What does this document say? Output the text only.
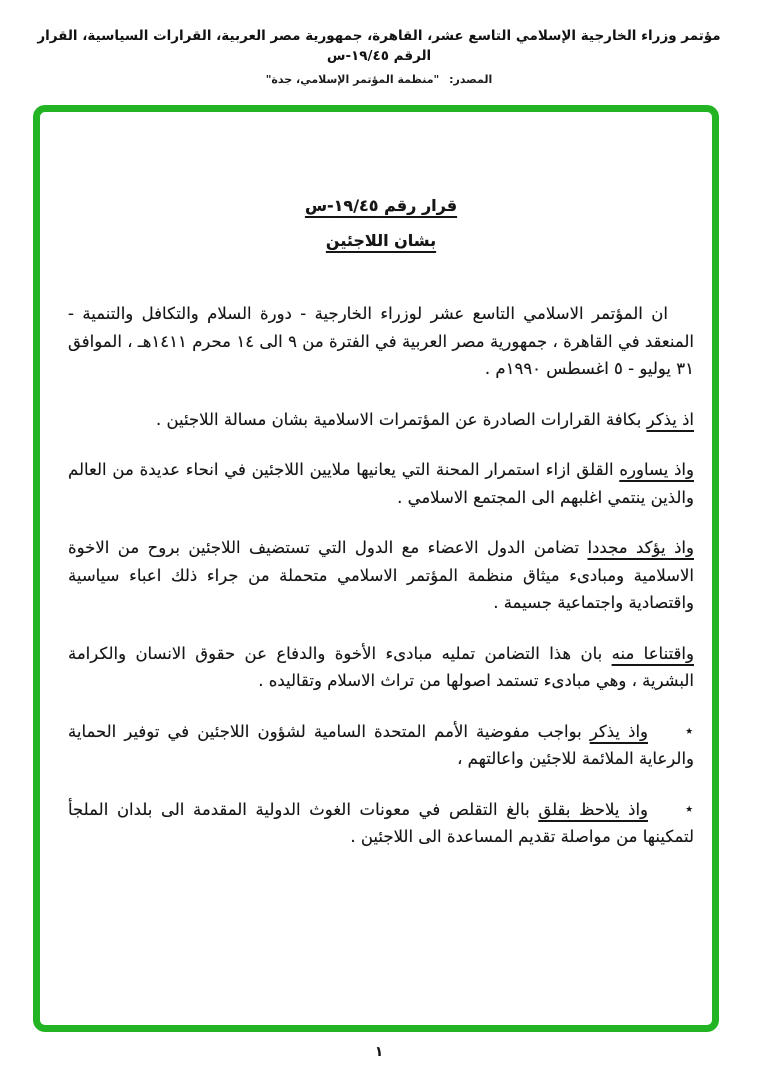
مؤتمر وزراء الخارجية الإسلامي التاسع عشر، القاهرة، جمهورية مصر العربية، القرارات السياسية، القرار الرقم ١٩/٤٥-س
المصدر: "منظمة المؤتمر الإسلامي، جدة"
قرار رقم ١٩/٤٥-س
بشان اللاجئين

ان المؤتمر الاسلامي التاسع عشر لوزراء الخارجية - دورة السلام والتكافل والتنمية - المنعقد في القاهرة ، جمهورية مصر العربية في الفترة من ٩ الى ١٤ محرم ١٤١١هـ ، الموافق ٣١ يوليو - ٥ اغسطس ١٩٩٠م .

اذ يذكر بكافة القرارات الصادرة عن المؤتمرات الاسلامية بشان مسالة اللاجئين .

واذ يساوره القلق ازاء استمرار المحنة التي يعانيها ملايين اللاجئين في انحاء عديدة من العالم والذين ينتمي اغلبهم الى المجتمع الاسلامي .

واذ يؤكد مجددا تضامن الدول الاعضاء مع الدول التي تستضيف اللاجئين بروح من الاخوة الاسلامية ومبادىء ميثاق منظمة المؤتمر الاسلامي متحملة من جراء ذلك اعباء سياسية واقتصادية واجتماعية جسيمة .

واقتناعا منه بان هذا التضامن تمليه مبادىء الأخوة والدفاع عن حقوق الانسان والكرامة البشرية ، وهي مبادىء تستمد اصولها من تراث الاسلام وتقاليده .

٭
واذ يذكر بواجب مفوضية الأمم المتحدة السامية لشؤون اللاجئين في توفير الحماية والرعاية الملائمة للاجئين واعالتهم ،

٭
واذ يلاحظ بقلق بالغ التقلص في معونات الغوث الدولية المقدمة الى بلدان الملجأ لتمكينها من مواصلة تقديم المساعدة الى اللاجئين .

١
